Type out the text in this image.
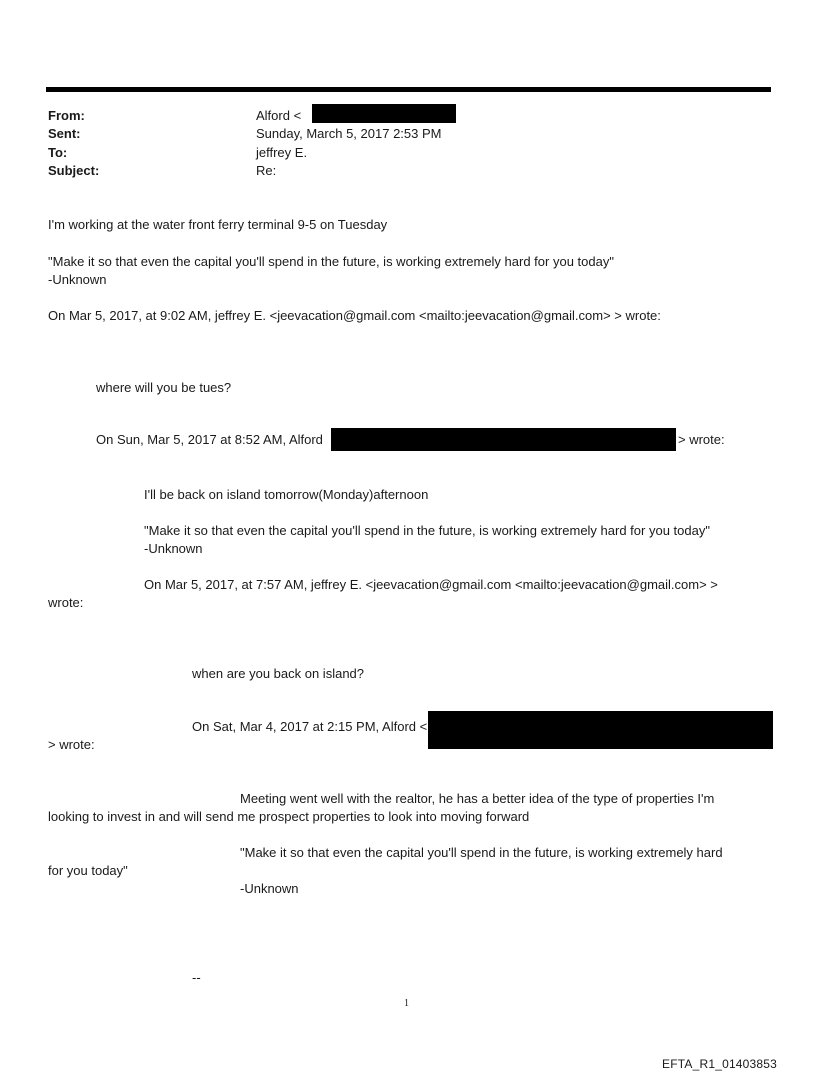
From:	Alford <
Sent:	Sunday, March 5, 2017 2:53 PM
To:	jeffrey E.
Subject:	Re:
I'm working at the water front ferry terminal 9-5 on Tuesday
"Make it so that even the capital you'll spend in the future, is working extremely hard for you today"
-Unknown
On Mar 5, 2017, at 9:02 AM, jeffrey E. <jeevacation@gmail.com <mailto:jeevacation@gmail.com> > wrote:
where will you be tues?
On Sun, Mar 5, 2017 at 8:52 AM, Alford	> wrote:
I'll be back on island tomorrow(Monday)afternoon
"Make it so that even the capital you'll spend in the future, is working extremely hard for you today"
-Unknown
On Mar 5, 2017, at 7:57 AM, jeffrey E. <jeevacation@gmail.com <mailto:jeevacation@gmail.com> >
wrote:
when are you back on island?
On Sat, Mar 4, 2017 at 2:15 PM, Alford <
> wrote:
Meeting went well with the realtor, he has a better idea of the type of properties I'm
looking to invest in and will send me prospect properties to look into moving forward
"Make it so that even the capital you'll spend in the future, is working extremely hard
for you today"
-Unknown
--
1
EFTA_R1_01403853
